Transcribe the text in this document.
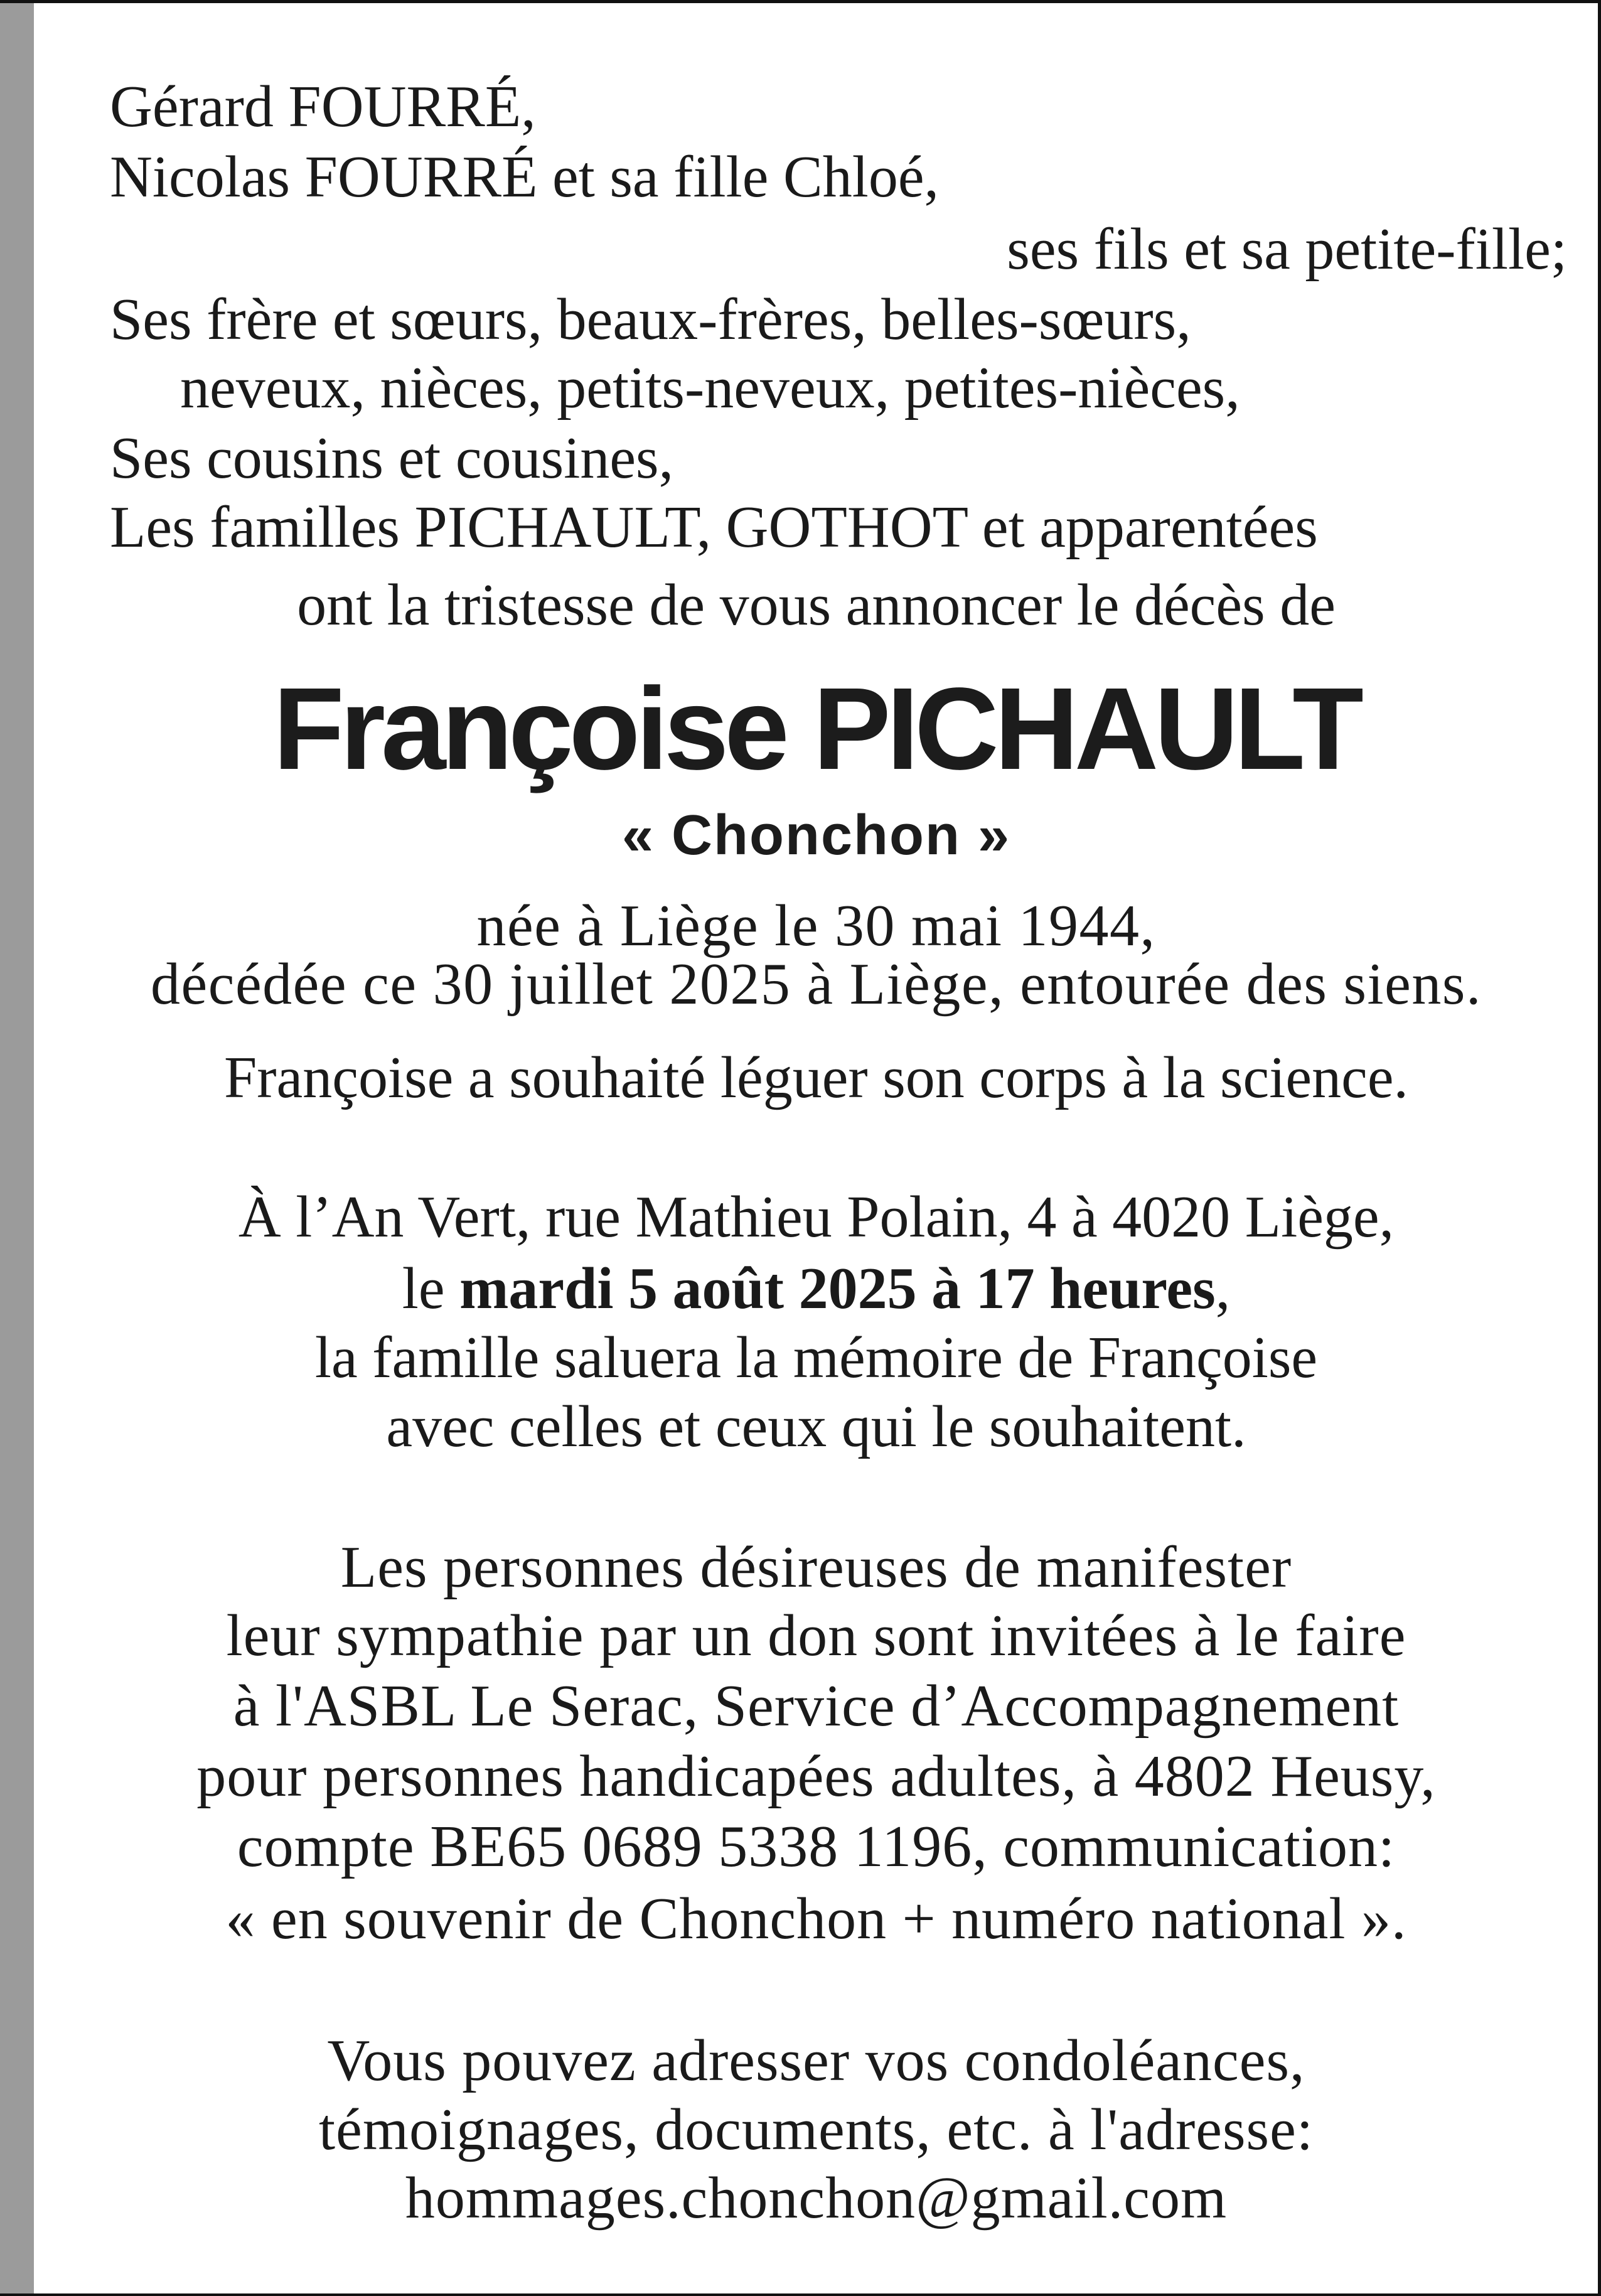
Gérard FOURRÉ,
Nicolas FOURRÉ et sa fille Chloé,
ses fils et sa petite-fille;
Ses frère et sœurs, beaux-frères, belles-sœurs,
neveux, nièces, petits-neveux, petites-nièces,
Ses cousins et cousines,
Les familles PICHAULT, GOTHOT et apparentées
ont la tristesse de vous annoncer le décès de
Françoise PICHAULT
« Chonchon »
née à Liège le 30 mai 1944,
décédée ce 30 juillet 2025 à Liège, entourée des siens.
Françoise a souhaité léguer son corps à la science.
À l’An Vert, rue Mathieu Polain, 4 à 4020 Liège,
le mardi 5 août 2025 à 17 heures,
la famille saluera la mémoire de Françoise
avec celles et ceux qui le souhaitent.
Les personnes désireuses de manifester
leur sympathie par un don sont invitées à le faire
à l'ASBL Le Serac, Service d’Accompagnement
pour personnes handicapées adultes, à 4802 Heusy,
compte BE65 0689 5338 1196, communication:
« en souvenir de Chonchon + numéro national ».
Vous pouvez adresser vos condoléances,
témoignages, documents, etc. à l'adresse:
hommages.chonchon@gmail.com
